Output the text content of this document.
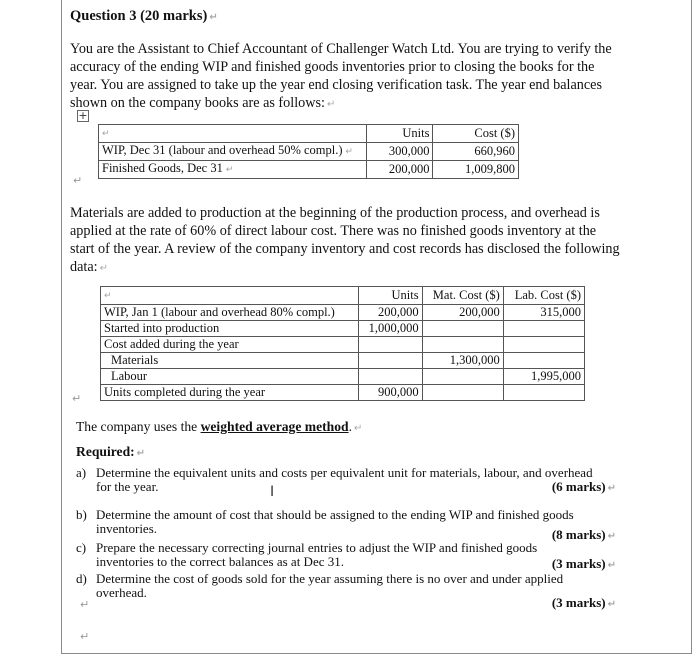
Question 3 (20 marks) ↵
You are the Assistant to Chief Accountant of Challenger Watch Ltd. You are trying to verify the
accuracy of the ending WIP and finished goods inventories prior to closing the books for the
year. You are assigned to take up the year end closing verification task. The year end balances
shown on the company books are as follows: ↵
+
↵	Units	Cost ($)
WIP, Dec 31 (labour and overhead 50% compl.) ↵	300,000	660,960
Finished Goods, Dec 31 ↵	200,000	1,009,800
↵
Materials are added to production at the beginning of the production process, and overhead is
applied at the rate of 60% of direct labour cost. There was no finished goods inventory at the
start of the year. A review of the company inventory and cost records has disclosed the following
data: ↵
↵	Units	Mat. Cost ($)	Lab. Cost ($)
WIP, Jan 1 (labour and overhead 80% compl.)	200,000	200,000	315,000
Started into production	1,000,000		
Cost added during the year			
Materials		1,300,000	
Labour			1,995,000
Units completed during the year	900,000		
↵
The company uses the weighted average method. ↵
Required: ↵
a) Determine the equivalent units and costs per equivalent unit for materials, labour, and overhead
for the year.	(6 marks) ↵
b) Determine the amount of cost that should be assigned to the ending WIP and finished goods
inventories.	(8 marks) ↵
c) Prepare the necessary correcting journal entries to adjust the WIP and finished goods
inventories to the correct balances as at Dec 31.	(3 marks) ↵
d) Determine the cost of goods sold for the year assuming there is no over and under applied
overhead.
(3 marks) ↵
↵
↵
I
